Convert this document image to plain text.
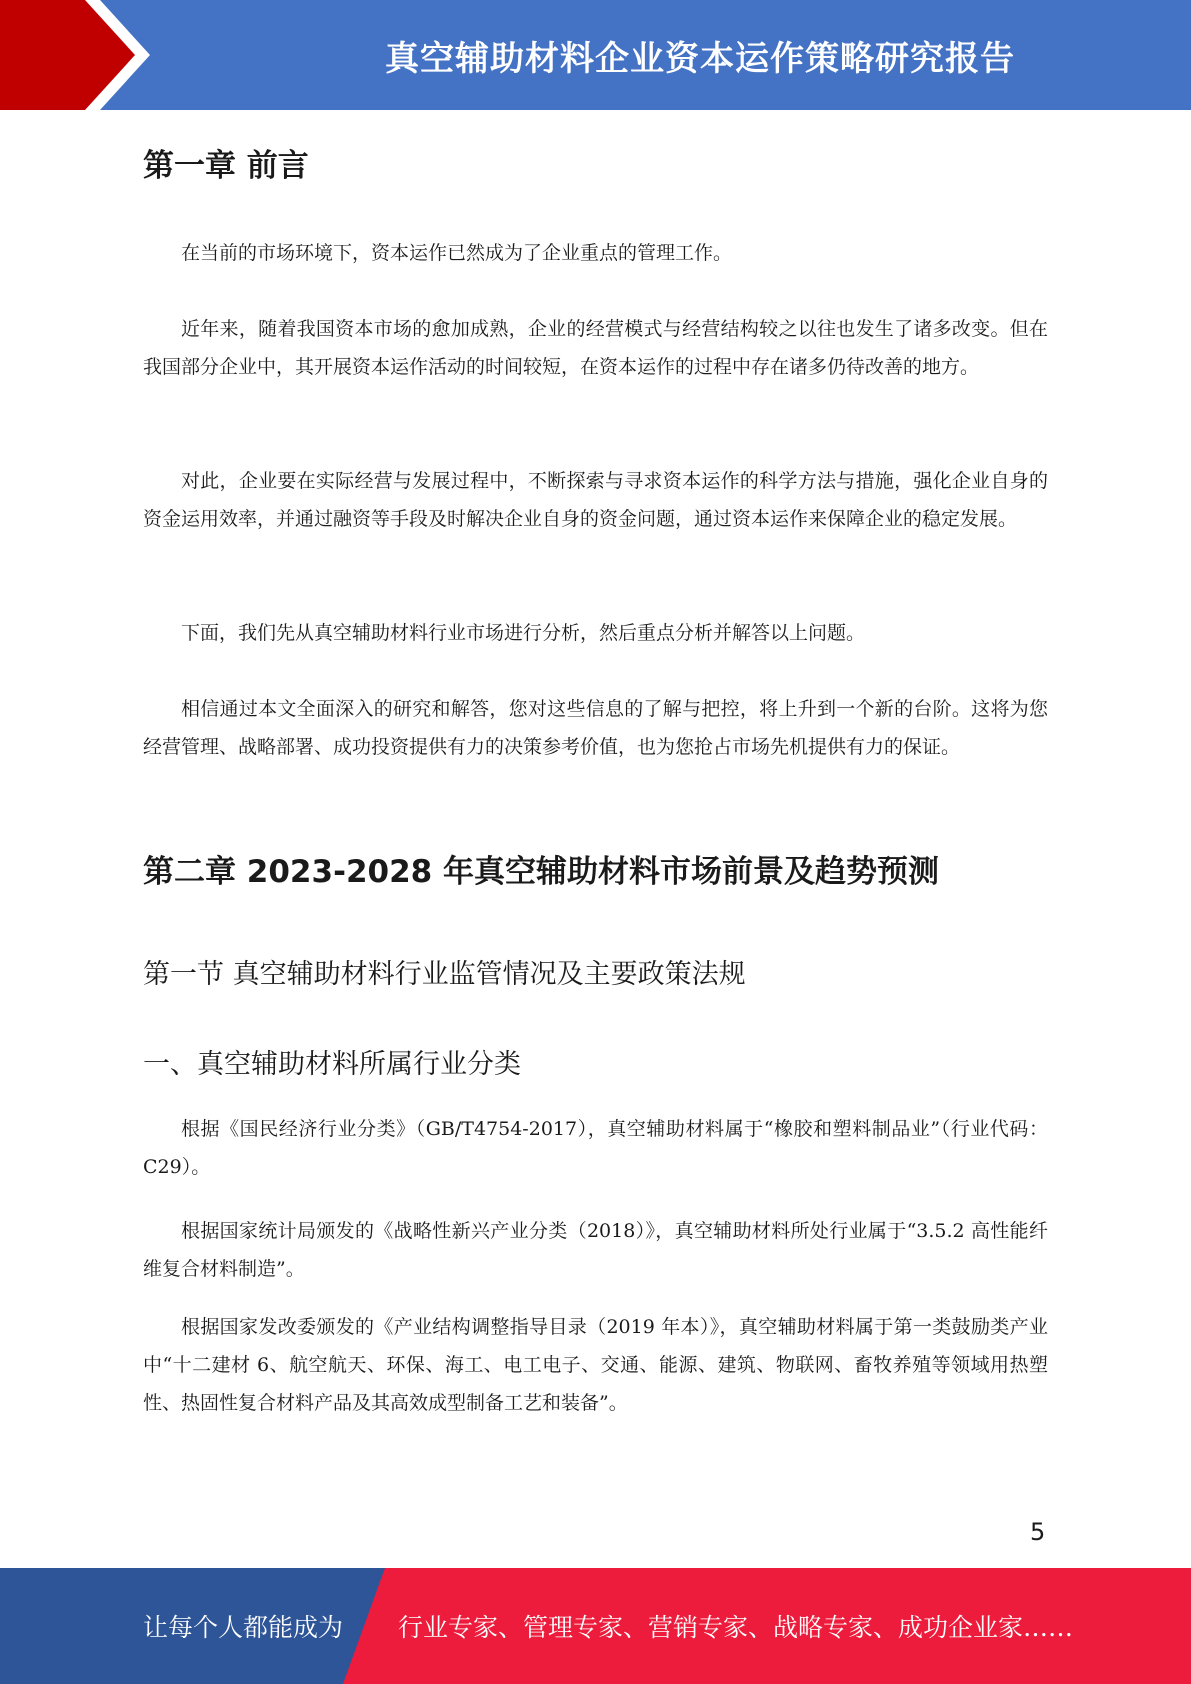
真空辅助材料企业资本运作策略研究报告
第一章 前言

在当前的市场环境下，资本运作已然成为了企业重点的管理工作。

近年来，随着我国资本市场的愈加成熟，企业的经营模式与经营结构较之以往也发生了诸多改变。但在我国部分企业中，其开展资本运作活动的时间较短，在资本运作的过程中存在诸多仍待改善的地方。

对此，企业要在实际经营与发展过程中，不断探索与寻求资本运作的科学方法与措施，强化企业自身的资金运用效率，并通过融资等手段及时解决企业自身的资金问题，通过资本运作来保障企业的稳定发展。

下面，我们先从真空辅助材料行业市场进行分析，然后重点分析并解答以上问题。

相信通过本文全面深入的研究和解答，您对这些信息的了解与把控，将上升到一个新的台阶。这将为您经营管理、战略部署、成功投资提供有力的决策参考价值，也为您抢占市场先机提供有力的保证。

第二章 2023-2028 年真空辅助材料市场前景及趋势预测
第一节 真空辅助材料行业监管情况及主要政策法规
一、真空辅助材料所属行业分类

根据《国民经济行业分类》（GB/T4754-2017），真空辅助材料属于“橡胶和塑料制品业”（行业代码：C29）。

根据国家统计局颁发的《战略性新兴产业分类（2018）》，真空辅助材料所处行业属于“3.5.2 高性能纤维复合材料制造”。

根据国家发改委颁发的《产业结构调整指导目录（2019 年本）》，真空辅助材料属于第一类鼓励类产业中“十二建材 6、航空航天、环保、海工、电工电子、交通、能源、建筑、物联网、畜牧养殖等领域用热塑性、热固性复合材料产品及其高效成型制备工艺和装备”。

5
让每个人都能成为 行业专家、管理专家、营销专家、战略专家、成功企业家……
